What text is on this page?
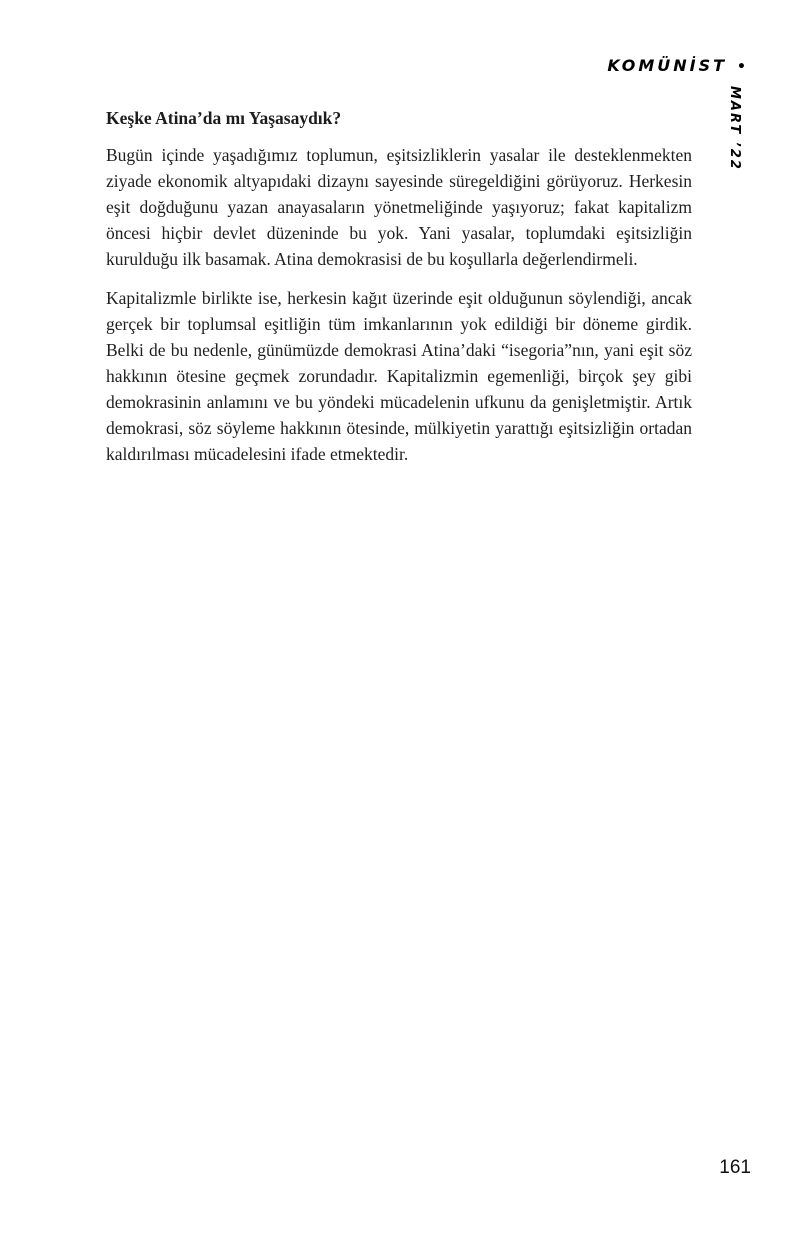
KOMÜNİST •
MART ’22
Keşke Atina’da mı Yaşasaydık?

Bugün içinde yaşadığımız toplumun, eşitsizliklerin yasalar ile desteklenmekten ziyade ekonomik altyapıdaki dizaynı sayesinde süregeldiğini görüyoruz. Herkesin eşit doğduğunu yazan anayasaların yönetmeliğinde yaşıyoruz; fakat kapitalizm öncesi hiçbir devlet düzeninde bu yok. Yani yasalar, toplumdaki eşitsizliğin kurulduğu ilk basamak. Atina demokrasisi de bu koşullarla değerlendirmeli.

Kapitalizmle birlikte ise, herkesin kağıt üzerinde eşit olduğunun söylendiği, ancak gerçek bir toplumsal eşitliğin tüm imkanlarının yok edildiği bir döneme girdik. Belki de bu nedenle, günümüzde demokrasi Atina’daki “isegoria”nın, yani eşit söz hakkının ötesine geçmek zorundadır. Kapitalizmin egemenliği, birçok şey gibi demokrasinin anlamını ve bu yöndeki mücadelenin ufkunu da genişletmiştir. Artık demokrasi, söz söyleme hakkının ötesinde, mülkiyetin yarattığı eşitsizliğin ortadan kaldırılması mücadelesini ifade etmektedir.

161
